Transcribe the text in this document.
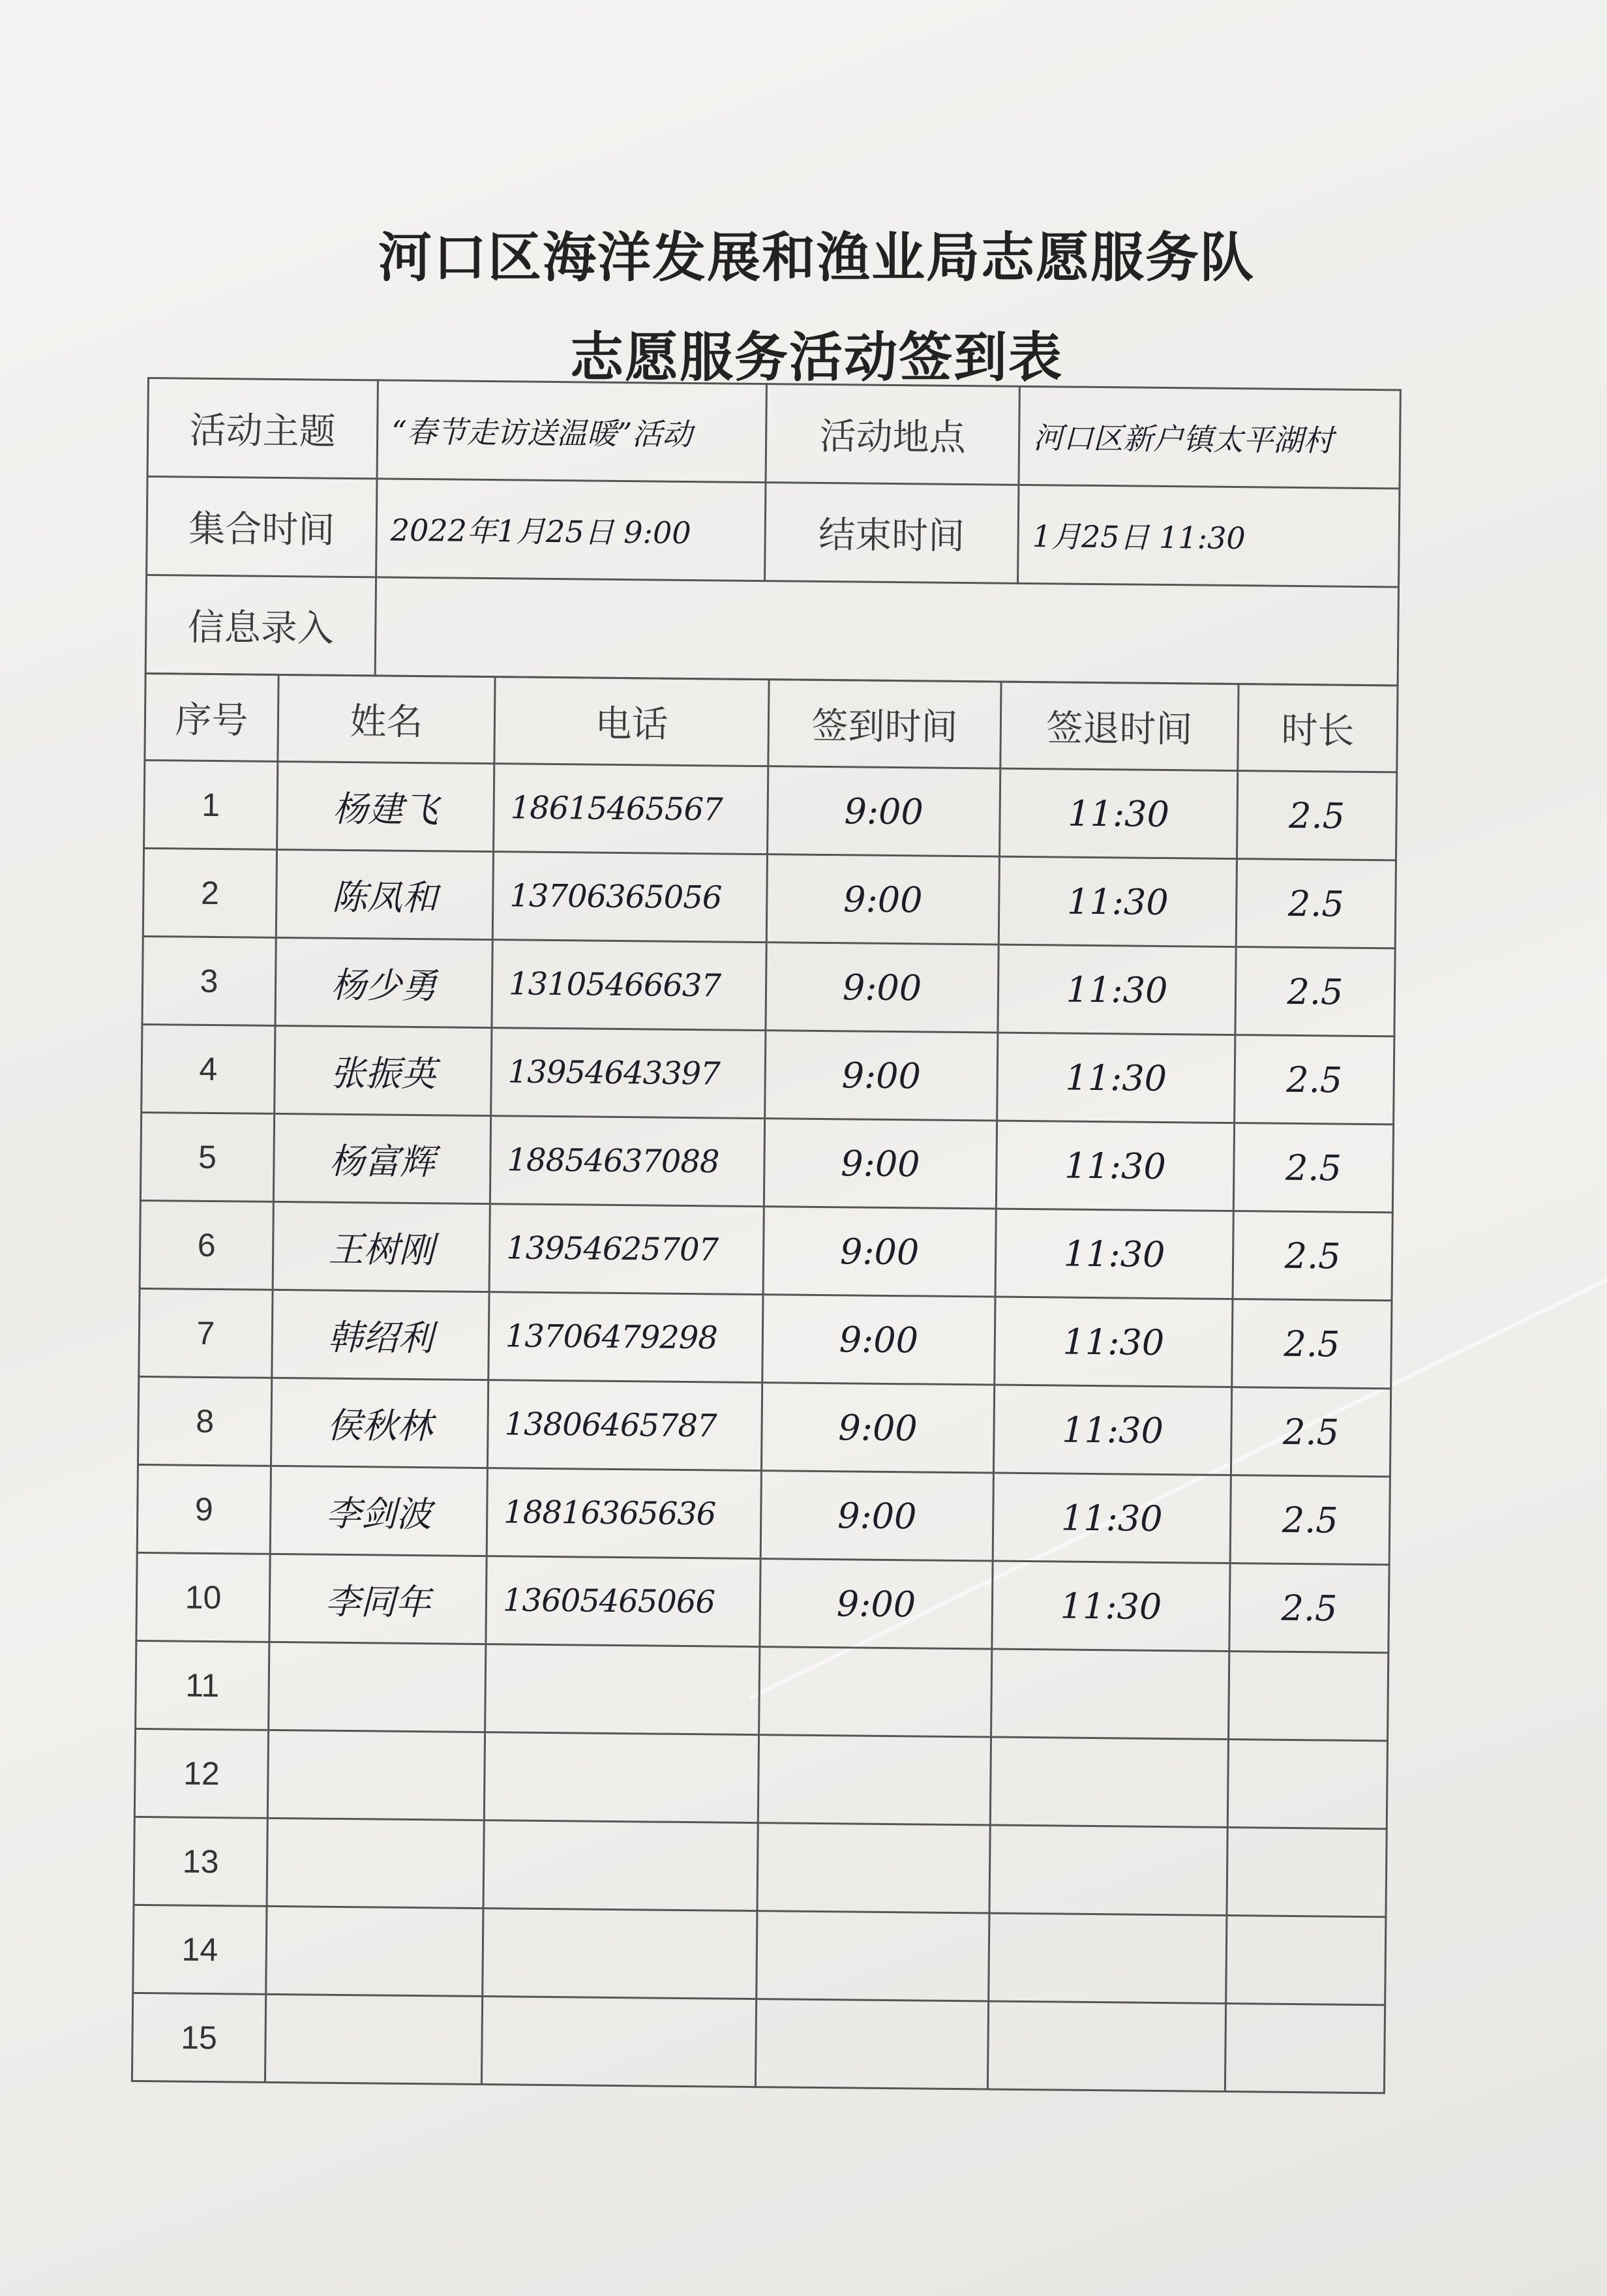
河口区海洋发展和渔业局志愿服务队
志愿服务活动签到表
活动主题	“春节走访送温暖”活动	活动地点	河口区新户镇太平湖村
集合时间	2022年1月25日 9:00	结束时间	1月25日 11:30
信息录入			
序号	姓名	电话	签到时间	签退时间	时长
1	杨建飞	18615465567	9:00	11:30	2.5
2	陈凤和	13706365056	9:00	11:30	2.5
3	杨少勇	13105466637	9:00	11:30	2.5
4	张振英	13954643397	9:00	11:30	2.5
5	杨富辉	18854637088	9:00	11:30	2.5
6	王树刚	13954625707	9:00	11:30	2.5
7	韩绍利	13706479298	9:00	11:30	2.5
8	侯秋林	13806465787	9:00	11:30	2.5
9	李剑波	18816365636	9:00	11:30	2.5
10	李同年	13605465066	9:00	11:30	2.5
11					
12					
13					
14					
15					
